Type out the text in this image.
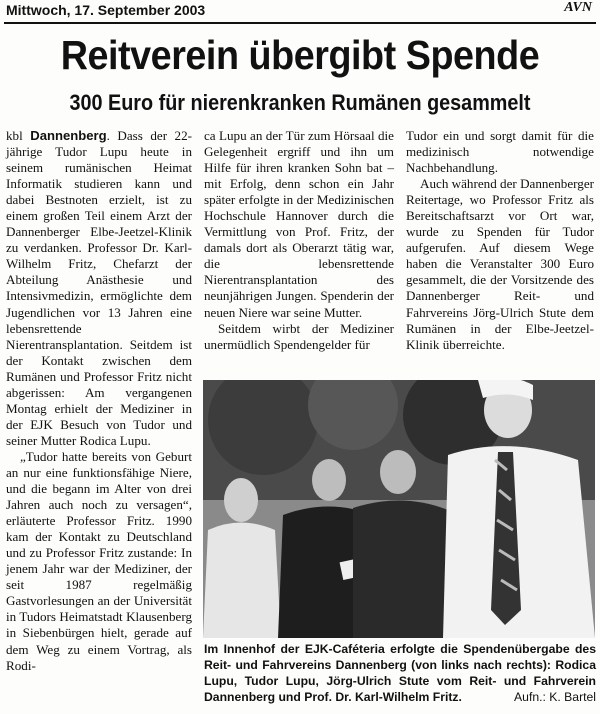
Mittwoch, 17. September 2003	AVN
Reitverein übergibt Spende
300 Euro für nierenkranken Rumänen gesammelt

kbl Dannenberg. Dass der 22-jährige Tudor Lupu heute in seinem rumänischen Heimat Informatik studieren kann und dabei Bestnoten erzielt, ist zu einem großen Teil einem Arzt der Dannenberger Elbe-Jeetzel-Klinik zu verdanken. Professor Dr. Karl-Wilhelm Fritz, Chefarzt der Abteilung Anästhesie und Intensivmedizin, ermöglichte dem Jugendlichen vor 13 Jahren eine lebensrettende Nierentransplantation. Seitdem ist der Kontakt zwischen dem Rumänen und Professor Fritz nicht abgerissen: Am vergangenen Montag erhielt der Mediziner in der EJK Besuch von Tudor und seiner Mutter Rodica Lupu.

„Tudor hatte bereits von Geburt an nur eine funktionsfähige Niere, und die begann im Alter von drei Jahren auch noch zu versagen“, erläuterte Professor Fritz. 1990 kam der Kontakt zu Deutschland und zu Professor Fritz zustande: In jenem Jahr war der Mediziner, der seit 1987 regelmäßig Gastvorlesungen an der Universität in Tudors Heimatstadt Klausenberg in Siebenbürgen hielt, gerade auf dem Weg zu einem Vortrag, als Rodi-

ca Lupu an der Tür zum Hörsaal die Gelegenheit ergriff und ihn um Hilfe für ihren kranken Sohn bat – mit Erfolg, denn schon ein Jahr später erfolgte in der Medizinischen Hochschule Hannover durch die Vermittlung von Prof. Fritz, der damals dort als Oberarzt tätig war, die lebensrettende Nierentransplantation des neunjährigen Jungen. Spenderin der neuen Niere war seine Mutter.

Seitdem wirbt der Mediziner unermüdlich Spendengelder für

Tudor ein und sorgt damit für die medizinisch notwendige Nachbehandlung.

Auch während der Dannenberger Reitertage, wo Professor Fritz als Bereitschaftsarzt vor Ort war, wurde zu Spenden für Tudor aufgerufen. Auf diesem Wege haben die Veranstalter 300 Euro gesammelt, die der Vorsitzende des Dannenberger Reit- und Fahrvereins Jörg-Ulrich Stute dem Rumänen in der Elbe-Jeetzel-Klinik überreichte.

Im Innenhof der EJK-Caféteria erfolgte die Spendenübergabe des Reit- und Fahrvereins Dannenberg (von links nach rechts): Rodica Lupu, Tudor Lupu, Jörg-Ulrich Stute vom Reit- und Fahrverein Dannenberg und Prof. Dr. Karl-Wilhelm Fritz.	Aufn.: K. Bartel
